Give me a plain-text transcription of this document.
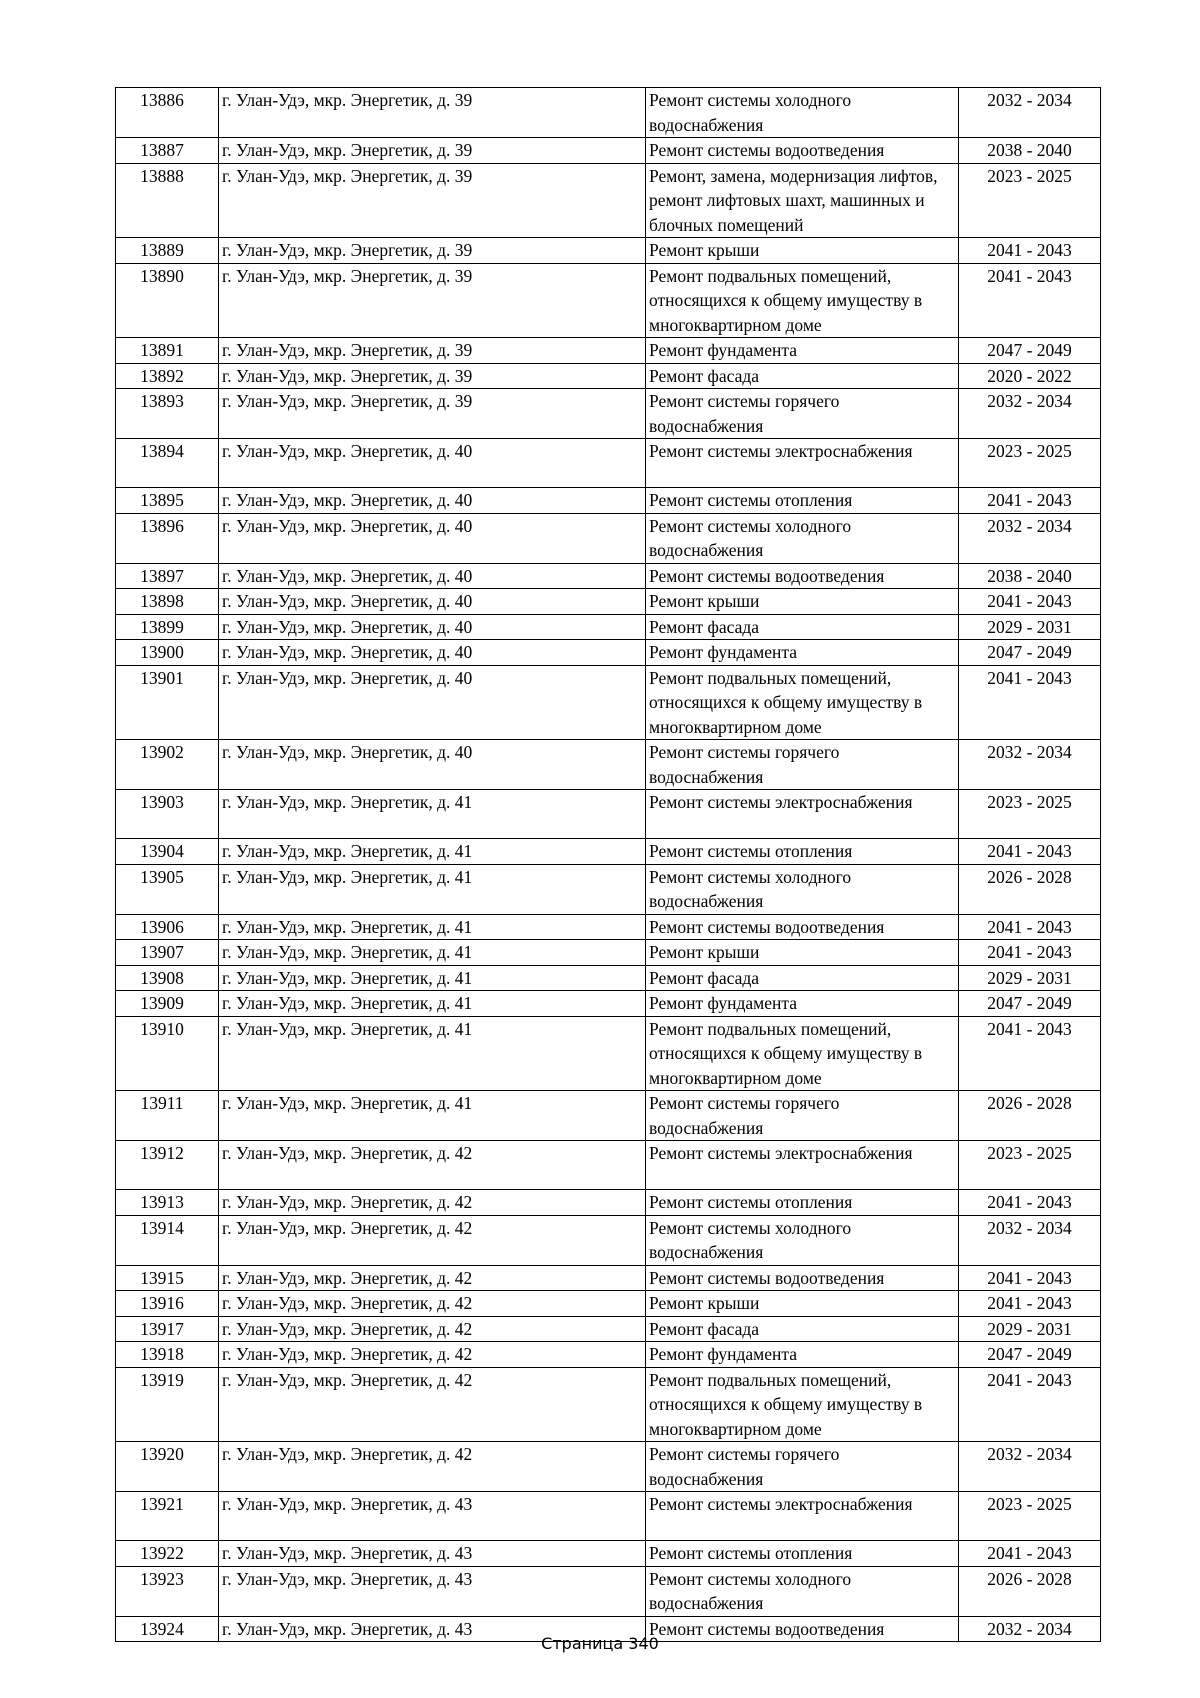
13886	г. Улан-Удэ, мкр. Энергетик, д. 39	Ремонт системы холодного водоснабжения	2032 - 2034
13887	г. Улан-Удэ, мкр. Энергетик, д. 39	Ремонт системы водоотведения	2038 - 2040
13888	г. Улан-Удэ, мкр. Энергетик, д. 39	Ремонт, замена, модернизация лифтов, ремонт лифтовых шахт, машинных и блочных помещений	2023 - 2025
13889	г. Улан-Удэ, мкр. Энергетик, д. 39	Ремонт крыши	2041 - 2043
13890	г. Улан-Удэ, мкр. Энергетик, д. 39	Ремонт подвальных помещений, относящихся к общему имуществу в многоквартирном доме	2041 - 2043
13891	г. Улан-Удэ, мкр. Энергетик, д. 39	Ремонт фундамента	2047 - 2049
13892	г. Улан-Удэ, мкр. Энергетик, д. 39	Ремонт фасада	2020 - 2022
13893	г. Улан-Удэ, мкр. Энергетик, д. 39	Ремонт системы горячего водоснабжения	2032 - 2034
13894	г. Улан-Удэ, мкр. Энергетик, д. 40	Ремонт системы электроснабжения	2023 - 2025
13895	г. Улан-Удэ, мкр. Энергетик, д. 40	Ремонт системы отопления	2041 - 2043
13896	г. Улан-Удэ, мкр. Энергетик, д. 40	Ремонт системы холодного водоснабжения	2032 - 2034
13897	г. Улан-Удэ, мкр. Энергетик, д. 40	Ремонт системы водоотведения	2038 - 2040
13898	г. Улан-Удэ, мкр. Энергетик, д. 40	Ремонт крыши	2041 - 2043
13899	г. Улан-Удэ, мкр. Энергетик, д. 40	Ремонт фасада	2029 - 2031
13900	г. Улан-Удэ, мкр. Энергетик, д. 40	Ремонт фундамента	2047 - 2049
13901	г. Улан-Удэ, мкр. Энергетик, д. 40	Ремонт подвальных помещений, относящихся к общему имуществу в многоквартирном доме	2041 - 2043
13902	г. Улан-Удэ, мкр. Энергетик, д. 40	Ремонт системы горячего водоснабжения	2032 - 2034
13903	г. Улан-Удэ, мкр. Энергетик, д. 41	Ремонт системы электроснабжения	2023 - 2025
13904	г. Улан-Удэ, мкр. Энергетик, д. 41	Ремонт системы отопления	2041 - 2043
13905	г. Улан-Удэ, мкр. Энергетик, д. 41	Ремонт системы холодного водоснабжения	2026 - 2028
13906	г. Улан-Удэ, мкр. Энергетик, д. 41	Ремонт системы водоотведения	2041 - 2043
13907	г. Улан-Удэ, мкр. Энергетик, д. 41	Ремонт крыши	2041 - 2043
13908	г. Улан-Удэ, мкр. Энергетик, д. 41	Ремонт фасада	2029 - 2031
13909	г. Улан-Удэ, мкр. Энергетик, д. 41	Ремонт фундамента	2047 - 2049
13910	г. Улан-Удэ, мкр. Энергетик, д. 41	Ремонт подвальных помещений, относящихся к общему имуществу в многоквартирном доме	2041 - 2043
13911	г. Улан-Удэ, мкр. Энергетик, д. 41	Ремонт системы горячего водоснабжения	2026 - 2028
13912	г. Улан-Удэ, мкр. Энергетик, д. 42	Ремонт системы электроснабжения	2023 - 2025
13913	г. Улан-Удэ, мкр. Энергетик, д. 42	Ремонт системы отопления	2041 - 2043
13914	г. Улан-Удэ, мкр. Энергетик, д. 42	Ремонт системы холодного водоснабжения	2032 - 2034
13915	г. Улан-Удэ, мкр. Энергетик, д. 42	Ремонт системы водоотведения	2041 - 2043
13916	г. Улан-Удэ, мкр. Энергетик, д. 42	Ремонт крыши	2041 - 2043
13917	г. Улан-Удэ, мкр. Энергетик, д. 42	Ремонт фасада	2029 - 2031
13918	г. Улан-Удэ, мкр. Энергетик, д. 42	Ремонт фундамента	2047 - 2049
13919	г. Улан-Удэ, мкр. Энергетик, д. 42	Ремонт подвальных помещений, относящихся к общему имуществу в многоквартирном доме	2041 - 2043
13920	г. Улан-Удэ, мкр. Энергетик, д. 42	Ремонт системы горячего водоснабжения	2032 - 2034
13921	г. Улан-Удэ, мкр. Энергетик, д. 43	Ремонт системы электроснабжения	2023 - 2025
13922	г. Улан-Удэ, мкр. Энергетик, д. 43	Ремонт системы отопления	2041 - 2043
13923	г. Улан-Удэ, мкр. Энергетик, д. 43	Ремонт системы холодного водоснабжения	2026 - 2028
13924	г. Улан-Удэ, мкр. Энергетик, д. 43	Ремонт системы водоотведения	2032 - 2034
Страница 340
